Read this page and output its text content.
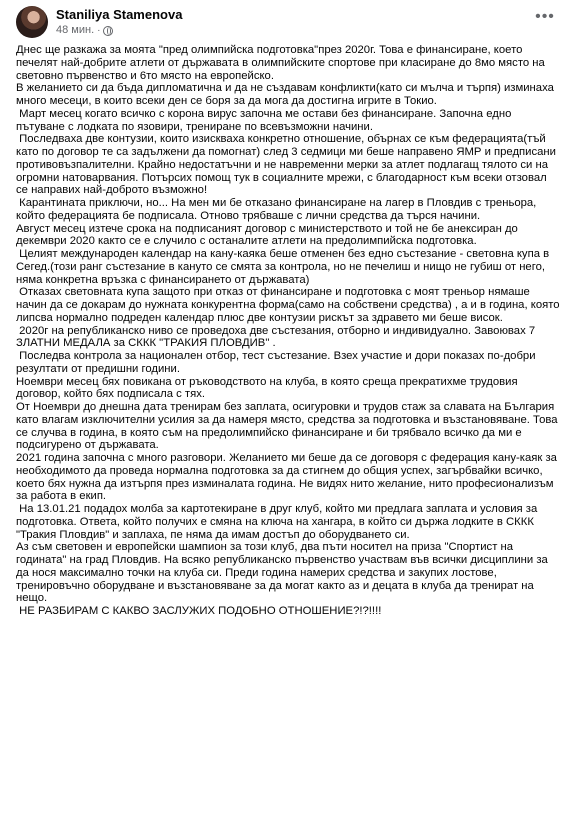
Staniliya Stamenova
48 мин. ·
•••

Днес ще разкажа за моята "пред олимпийска подготовка"през 2020г. Това е финансиране, което печелят най-добрите атлети от държавата в олимпийските спортове при класиране до 8мо място на световно първенство и 6то място на европейско.

В желанието си да бъда дипломатична и да не създавам конфликти(като си мълча и търпя) изминаха много месеци, в които всеки ден се боря за да мога да достигна игрите в Токио.

Март месец когато всичко с корона вирус започна ме остави без финансиране. Започна едно пътуване с лодката по язовири, трениране по всевъзможни начини.

Последваха две контузии, които изискваха конкретно отношение, обърнах се към федерацията(тъй като по договор те са задължени да помогнат) след 3 седмици ми беше направено ЯМР и предписани противовъзпалителни. Крайно недостатъчни и не навременни мерки за атлет подлагащ тялото си на огромни натоварвания. Потърсих помощ тук в социалните мрежи, с благодарност към всеки отзовал се направих най-доброто възможно!

Карантината приключи, но... На мен ми бе отказано финансиране на лагер в Пловдив с треньора, който федерацията бе подписала. Отново трябваше с лични средства да търся начини.

Август месец изтече срока на подписаният договор с министерството и той не бе анексиран до декември 2020 както се е случило с останалите атлети на предолимпийска подготовка.

Целият международен календар на кану-каяка беше отменен без едно състезание - световна купа в Сегед.(този ранг състезание в кануто се смята за контрола, но не печелиш и нищо не губиш от него, няма конкретна връзка с финансирането от държавата)

Отказах световната купа защото при отказ от финансиране и подготовка с моят треньор нямаше начин да се докарам до нужната конкурентна форма(само на собствени средства) , а и в година, която липсва нормално подреден календар плюс две контузии рискът за здравето ми беше висок.

2020г на републиканско ниво се проведоха две състезания, отборно и индивидуално. Завоювах 7 ЗЛАТНИ МЕДАЛА за СККК "ТРАКИЯ ПЛОВДИВ" .

Последва контрола за национален отбор, тест състезание. Взех участие и дори показах по-добри резултати от предишни години.

Ноември месец бях повикана от ръководството на клуба, в която среща прекратихме трудовия договор, който бях подписала с тях.

От Ноември до днешна дата тренирам без заплата, осигуровки и трудов стаж за славата на България като влагам изключителни усилия за да намеря място, средства за подготовка и възстановяване. Това се случва в година, в която съм на предолимпийско финансиране и би трябвало всичко да ми е подсигурено от държавата.

2021 година започна с много разговори. Желанието ми беше да се договоря с федерация кану-каяк за необходимото да проведа нормална подготовка за да стигнем до общия успех, загърбвайки всичко, което бях нужна да изтърпя през изминалата година. Не видях нито желание, нито професионализъм за работа в екип.

На 13.01.21 подадох молба за картотекиране в друг клуб, който ми предлага заплата и условия за подготовка. Ответа, който получих е смяна на ключа на хангара, в който си държа лодките в СККК "Тракия Пловдив" и заплаха, пе няма да имам достъп до оборудването си.

Аз съм световен и европейски шампион за този клуб, два пъти носител на приза "Спортист на годината" на град Пловдив. На всяко републиканско първенство участвам във всички дисциплини за да нося максимално точки на клуба си. Преди година намерих средства и закупих лостове, тренировъчно оборудване и възстановяване за да могат както аз и децата в клуба да тренират на нещо.

НЕ РАЗБИРАМ С КАКВО ЗАСЛУЖИХ ПОДОБНО ОТНОШЕНИЕ?!?!!!!
